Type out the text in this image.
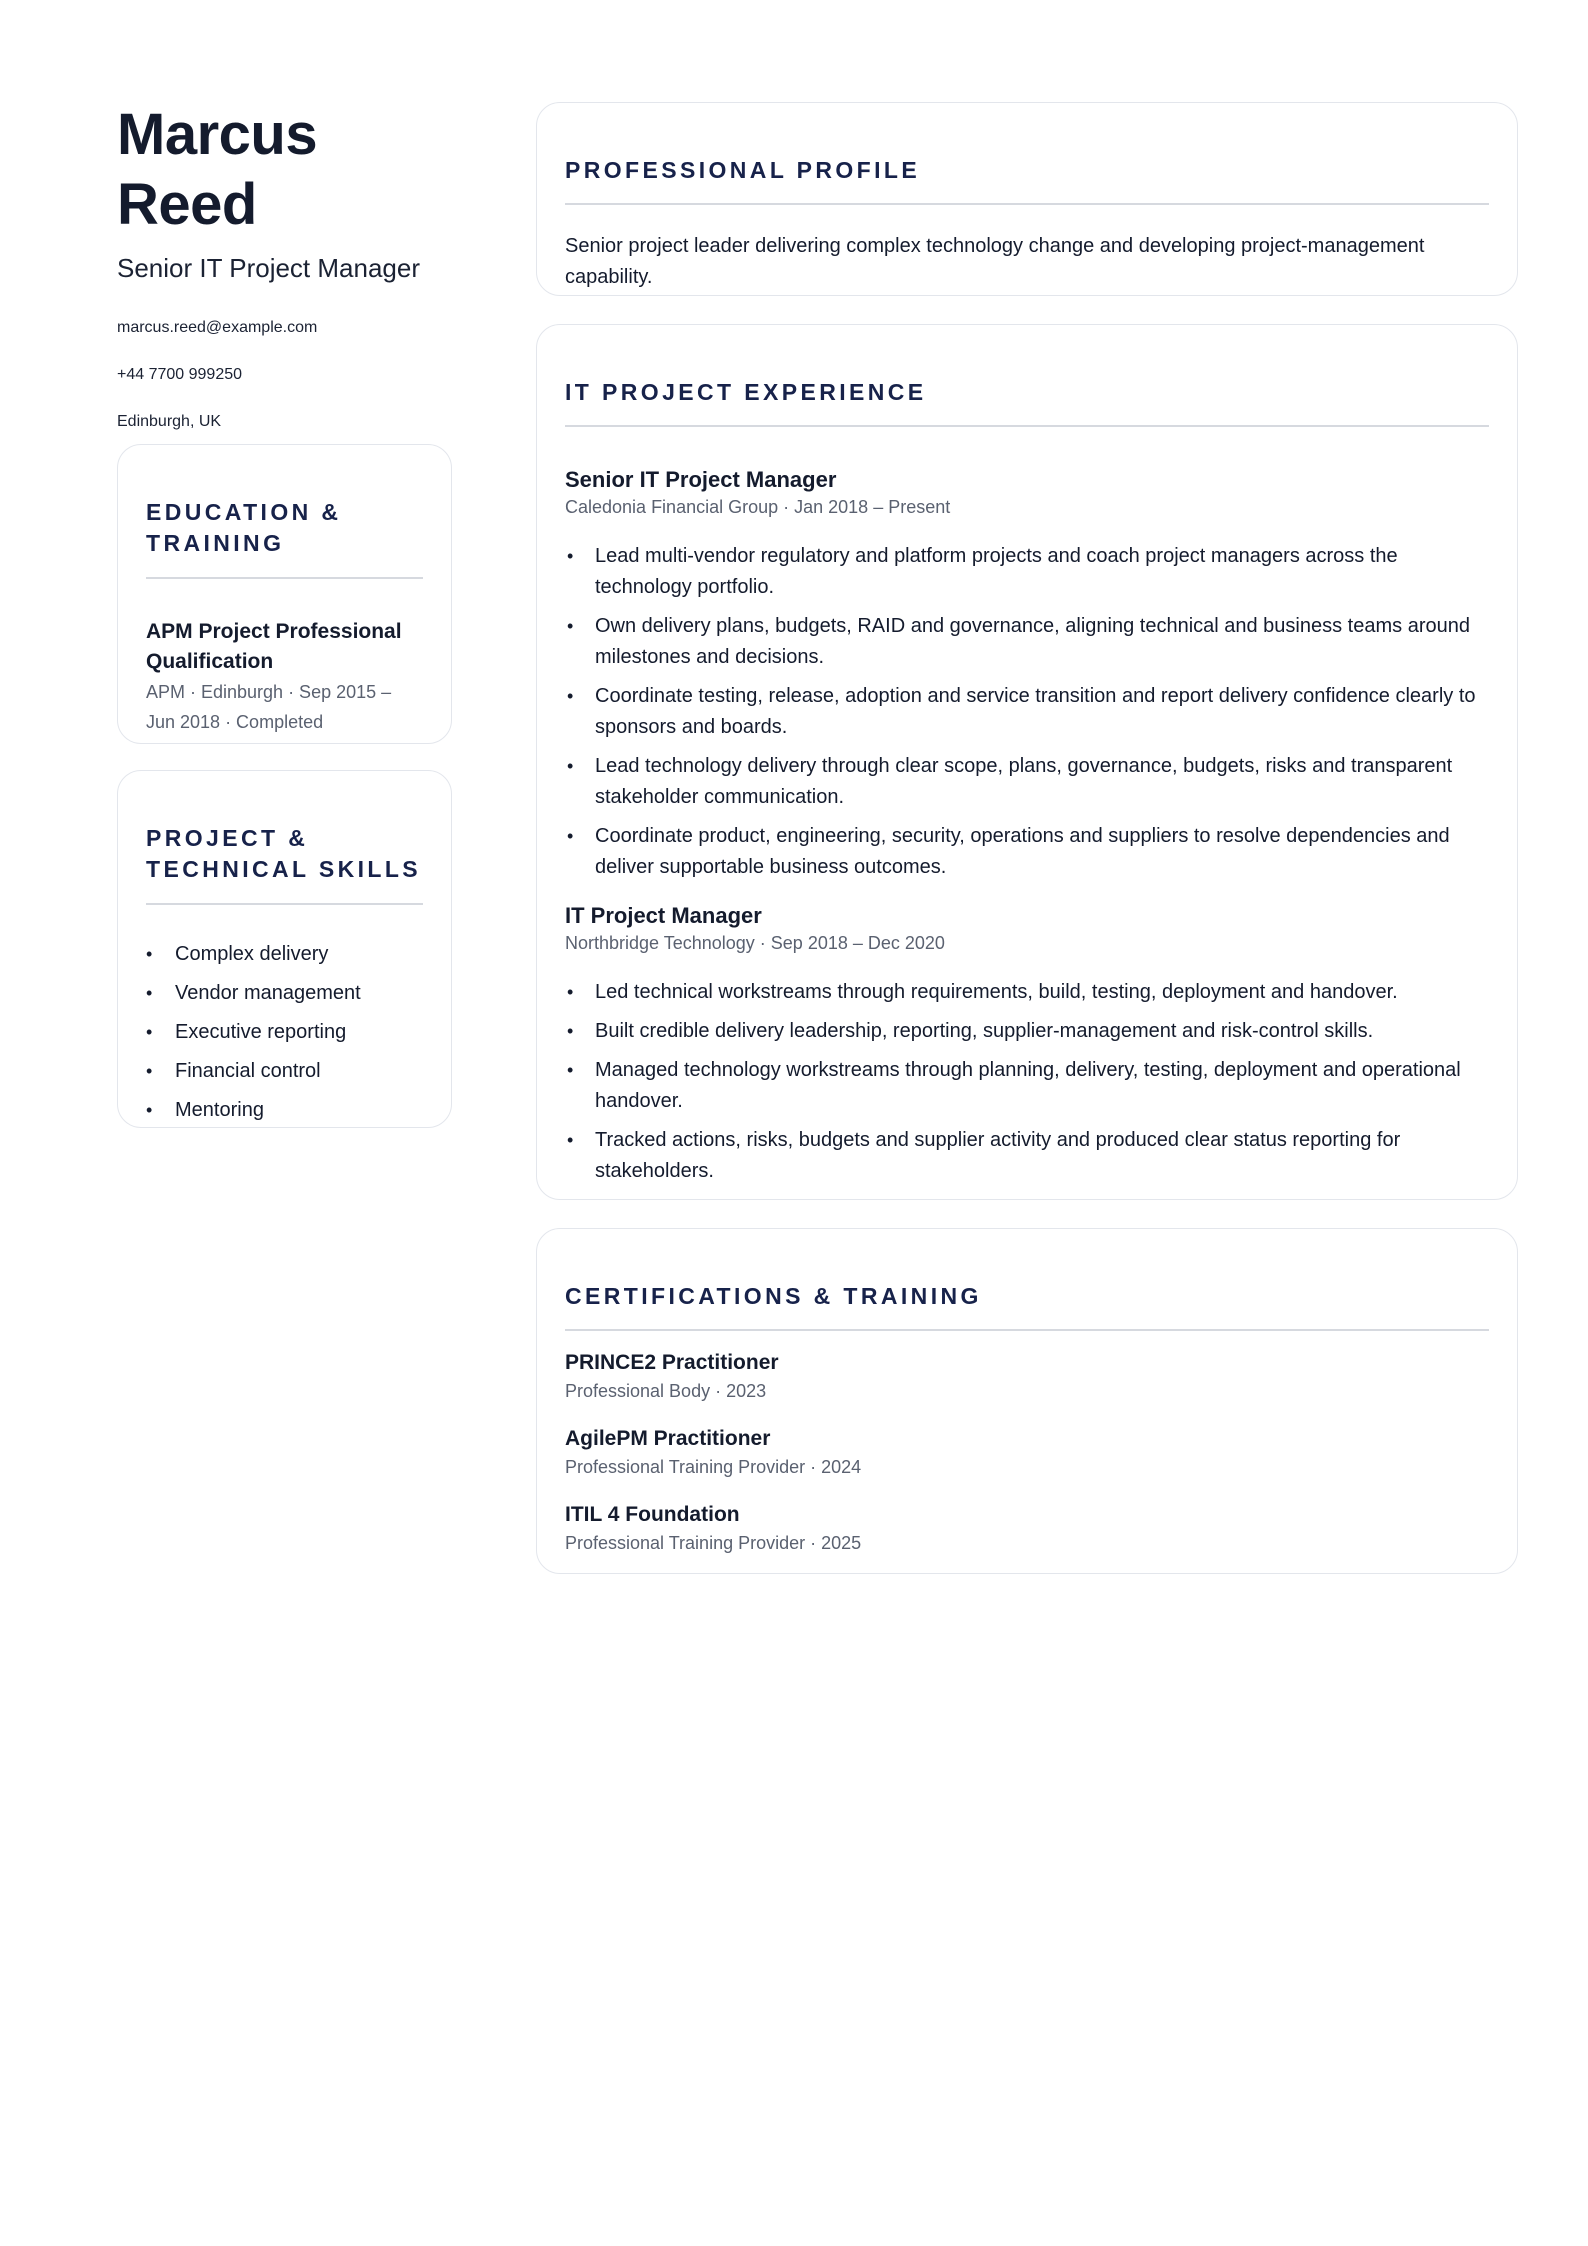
Marcus Reed
Senior IT Project Manager
marcus.reed@example.com
+44 7700 999250
Edinburgh, UK
EDUCATION & TRAINING
APM Project Professional Qualification
APM · Edinburgh · Sep 2015 – Jun 2018 · Completed
PROJECT & TECHNICAL SKILLS
• Complex delivery
• Vendor management
• Executive reporting
• Financial control
• Mentoring
PROFESSIONAL PROFILE

Senior project leader delivering complex technology change and developing project-management capability.

IT PROJECT EXPERIENCE
Senior IT Project Manager
Caledonia Financial Group · Jan 2018 – Present
• Lead multi-vendor regulatory and platform projects and coach project managers across the technology portfolio.
• Own delivery plans, budgets, RAID and governance, aligning technical and business teams around milestones and decisions.
• Coordinate testing, release, adoption and service transition and report delivery confidence clearly to sponsors and boards.
• Lead technology delivery through clear scope, plans, governance, budgets, risks and transparent stakeholder communication.
• Coordinate product, engineering, security, operations and suppliers to resolve dependencies and deliver supportable business outcomes.
IT Project Manager
Northbridge Technology · Sep 2018 – Dec 2020
• Led technical workstreams through requirements, build, testing, deployment and handover.
• Built credible delivery leadership, reporting, supplier-management and risk-control skills.
• Managed technology workstreams through planning, delivery, testing, deployment and operational handover.
• Tracked actions, risks, budgets and supplier activity and produced clear status reporting for stakeholders.
CERTIFICATIONS & TRAINING
PRINCE2 Practitioner
Professional Body · 2023
AgilePM Practitioner
Professional Training Provider · 2024
ITIL 4 Foundation
Professional Training Provider · 2025
